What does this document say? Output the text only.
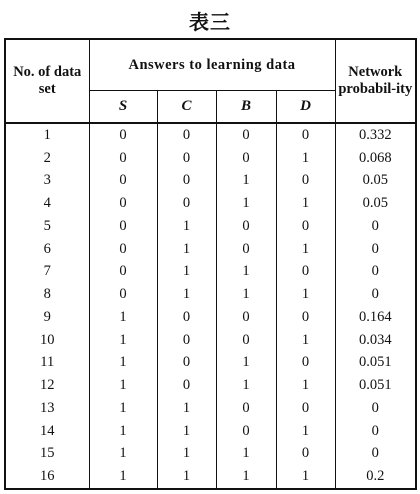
表三
No. of data set	Answers to learning data				Network probabil-ity
	S	C	B	D	
1	0	0	0	0	0.332
2	0	0	0	1	0.068
3	0	0	1	0	0.05
4	0	0	1	1	0.05
5	0	1	0	0	0
6	0	1	0	1	0
7	0	1	1	0	0
8	0	1	1	1	0
9	1	0	0	0	0.164
10	1	0	0	1	0.034
11	1	0	1	0	0.051
12	1	0	1	1	0.051
13	1	1	0	0	0
14	1	1	0	1	0
15	1	1	1	0	0
16	1	1	1	1	0.2
